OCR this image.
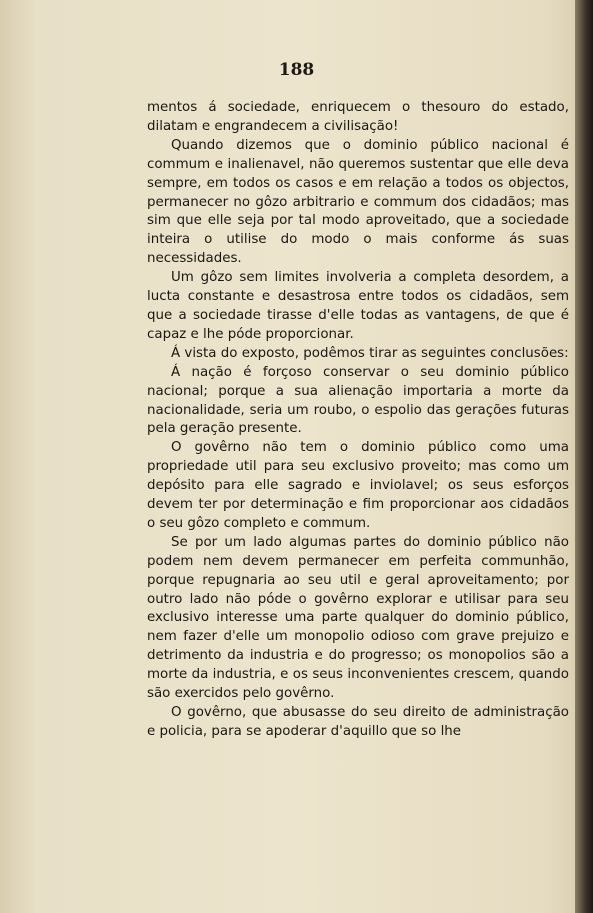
188

mentos á sociedade, enriquecem o thesouro do estado, dilatam e engrandecem a civilisação!

Quando dizemos que o dominio público nacional é commum e inalienavel, não queremos sustentar que elle deva sempre, em todos os casos e em relação a todos os objectos, permanecer no gôzo arbitrario e commum dos cidadãos; mas sim que elle seja por tal modo aproveitado, que a sociedade inteira o utilise do modo o mais conforme ás suas necessidades.

Um gôzo sem limites involveria a completa desordem, a lucta constante e desastrosa entre todos os cidadãos, sem que a sociedade tirasse d'elle todas as vantagens, de que é capaz e lhe póde proporcionar.

Á vista do exposto, podêmos tirar as seguintes conclusões:

Á nação é forçoso conservar o seu dominio público nacional; porque a sua alienação importaria a morte da nacionalidade, seria um roubo, o espolio das gerações futuras pela geração presente.

O govêrno não tem o dominio público como uma propriedade util para seu exclusivo proveito; mas como um depósito para elle sagrado e inviolavel; os seus esforços devem ter por determinação e fim proporcionar aos cidadãos o seu gôzo completo e commum.

Se por um lado algumas partes do dominio público não podem nem devem permanecer em perfeita communhão, porque repugnaria ao seu util e geral aproveitamento; por outro lado não póde o govêrno explorar e utilisar para seu exclusivo interesse uma parte qualquer do dominio público, nem fazer d'elle um monopolio odioso com grave prejuizo e detrimento da industria e do progresso; os monopolios são a morte da industria, e os seus inconvenientes crescem, quando são exercidos pelo govêrno.

O govêrno, que abusasse do seu direito de administração e policia, para se apoderar d'aquillo que so lhe
